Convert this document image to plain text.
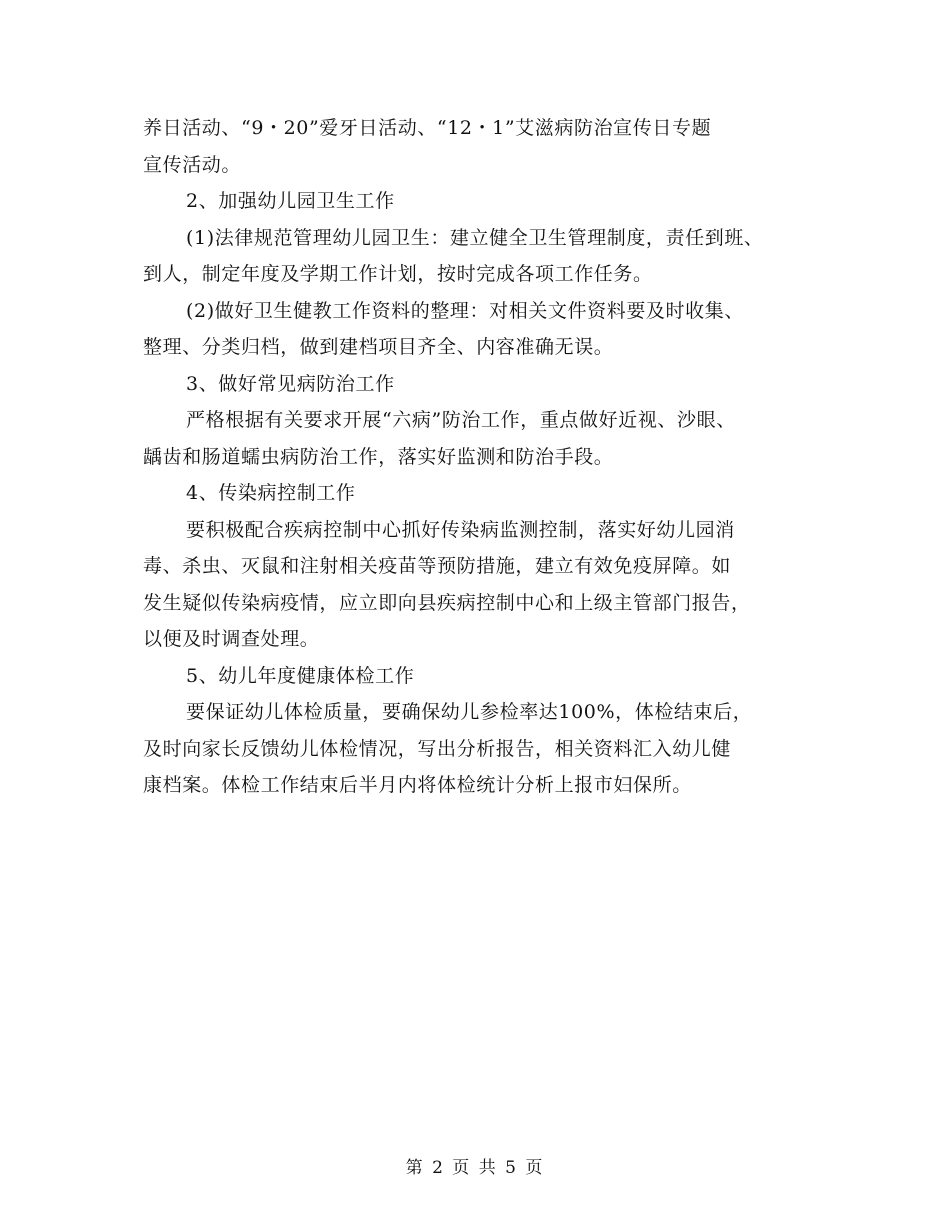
养日活动、“9・20”爱牙日活动、“12・1”艾滋病防治宣传日专题
宣传活动。
2、加强幼儿园卫生工作
(1)法律规范管理幼儿园卫生：建立健全卫生管理制度，责任到班、
到人，制定年度及学期工作计划，按时完成各项工作任务。
(2)做好卫生健教工作资料的整理：对相关文件资料要及时收集、
整理、分类归档，做到建档项目齐全、内容准确无误。
3、做好常见病防治工作
严格根据有关要求开展“六病”防治工作，重点做好近视、沙眼、
龋齿和肠道蠕虫病防治工作，落实好监测和防治手段。
4、传染病控制工作
要积极配合疾病控制中心抓好传染病监测控制，落实好幼儿园消
毒、杀虫、灭鼠和注射相关疫苗等预防措施，建立有效免疫屏障。如
发生疑似传染病疫情，应立即向县疾病控制中心和上级主管部门报告，
以便及时调查处理。
5、幼儿年度健康体检工作
要保证幼儿体检质量，要确保幼儿参检率达100%，体检结束后，
及时向家长反馈幼儿体检情况，写出分析报告，相关资料汇入幼儿健
康档案。体检工作结束后半月内将体检统计分析上报市妇保所。
第 2 页 共 5 页
